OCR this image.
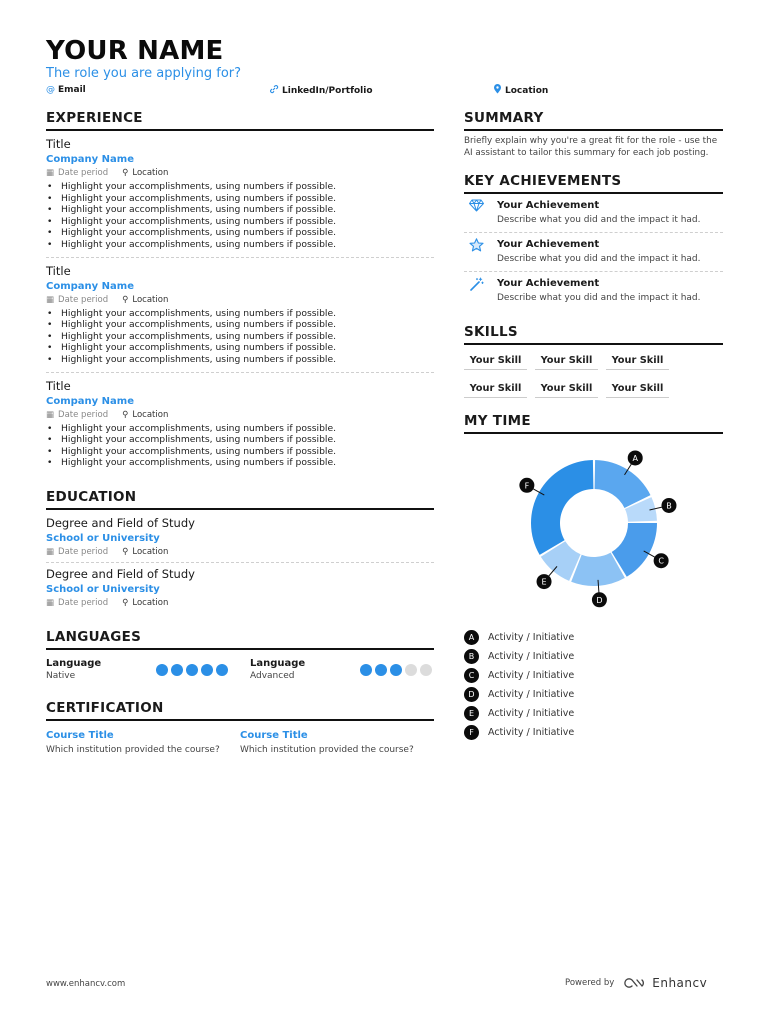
YOUR NAME
The role you are applying for?
@ Email	LinkedIn/Portfolio	Location
EXPERIENCE
Title
Company Name
▦ Date period ⚲ Location
• Highlight your accomplishments, using numbers if possible.
• Highlight your accomplishments, using numbers if possible.
• Highlight your accomplishments, using numbers if possible.
• Highlight your accomplishments, using numbers if possible.
• Highlight your accomplishments, using numbers if possible.
• Highlight your accomplishments, using numbers if possible.
Title
Company Name
▦ Date period ⚲ Location
• Highlight your accomplishments, using numbers if possible.
• Highlight your accomplishments, using numbers if possible.
• Highlight your accomplishments, using numbers if possible.
• Highlight your accomplishments, using numbers if possible.
• Highlight your accomplishments, using numbers if possible.
Title
Company Name
▦ Date period ⚲ Location
• Highlight your accomplishments, using numbers if possible.
• Highlight your accomplishments, using numbers if possible.
• Highlight your accomplishments, using numbers if possible.
• Highlight your accomplishments, using numbers if possible.
EDUCATION
Degree and Field of Study
School or University
▦ Date period ⚲ Location
Degree and Field of Study
School or University
▦ Date period ⚲ Location
LANGUAGES
Language
Native
Language
Advanced
CERTIFICATION
Course Title
Which institution provided the course?
Course Title
Which institution provided the course?
SUMMARY
Briefly explain why you're a great fit for the role - use the AI assistant to tailor this summary for each job posting.
KEY ACHIEVEMENTS
Your Achievement
Describe what you did and the impact it had.
Your Achievement
Describe what you did and the impact it had.
Your Achievement
Describe what you did and the impact it had.
SKILLS
Your Skill	Your Skill	Your Skill
Your Skill	Your Skill	Your Skill
MY TIME
A
B
C
D
E
F
A	Activity / Initiative
B	Activity / Initiative
C	Activity / Initiative
D	Activity / Initiative
E	Activity / Initiative
F	Activity / Initiative
www.enhancv.com	Powered by	Enhancv
